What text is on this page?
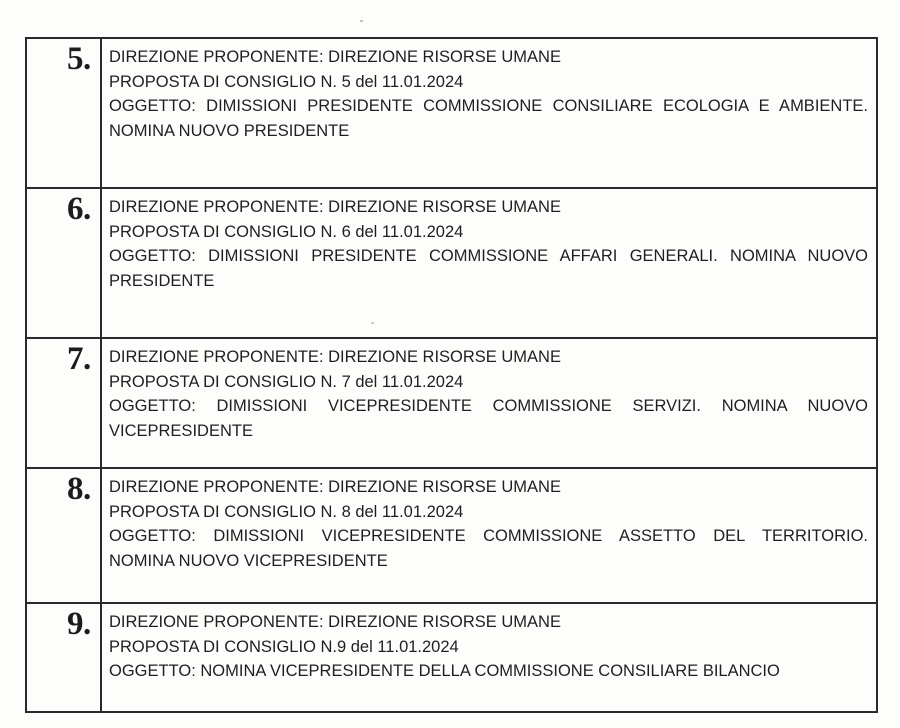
5. DIREZIONE PROPONENTE: DIREZIONE RISORSE UMANE
PROPOSTA DI CONSIGLIO N. 5 del 11.01.2024
OGGETTO: DIMISSIONI PRESIDENTE COMMISSIONE CONSILIARE ECOLOGIA E AMBIENTE.
NOMINA NUOVO PRESIDENTE
6. DIREZIONE PROPONENTE: DIREZIONE RISORSE UMANE
PROPOSTA DI CONSIGLIO N. 6 del 11.01.2024
OGGETTO: DIMISSIONI PRESIDENTE COMMISSIONE AFFARI GENERALI. NOMINA NUOVO
PRESIDENTE
7. DIREZIONE PROPONENTE: DIREZIONE RISORSE UMANE
PROPOSTA DI CONSIGLIO N. 7 del 11.01.2024
OGGETTO: DIMISSIONI VICEPRESIDENTE COMMISSIONE SERVIZI. NOMINA NUOVO
VICEPRESIDENTE
8. DIREZIONE PROPONENTE: DIREZIONE RISORSE UMANE
PROPOSTA DI CONSIGLIO N. 8 del 11.01.2024
OGGETTO: DIMISSIONI VICEPRESIDENTE COMMISSIONE ASSETTO DEL TERRITORIO.
NOMINA NUOVO VICEPRESIDENTE
9. DIREZIONE PROPONENTE: DIREZIONE RISORSE UMANE
PROPOSTA DI CONSIGLIO N.9 del 11.01.2024
OGGETTO: NOMINA VICEPRESIDENTE DELLA COMMISSIONE CONSILIARE BILANCIO
